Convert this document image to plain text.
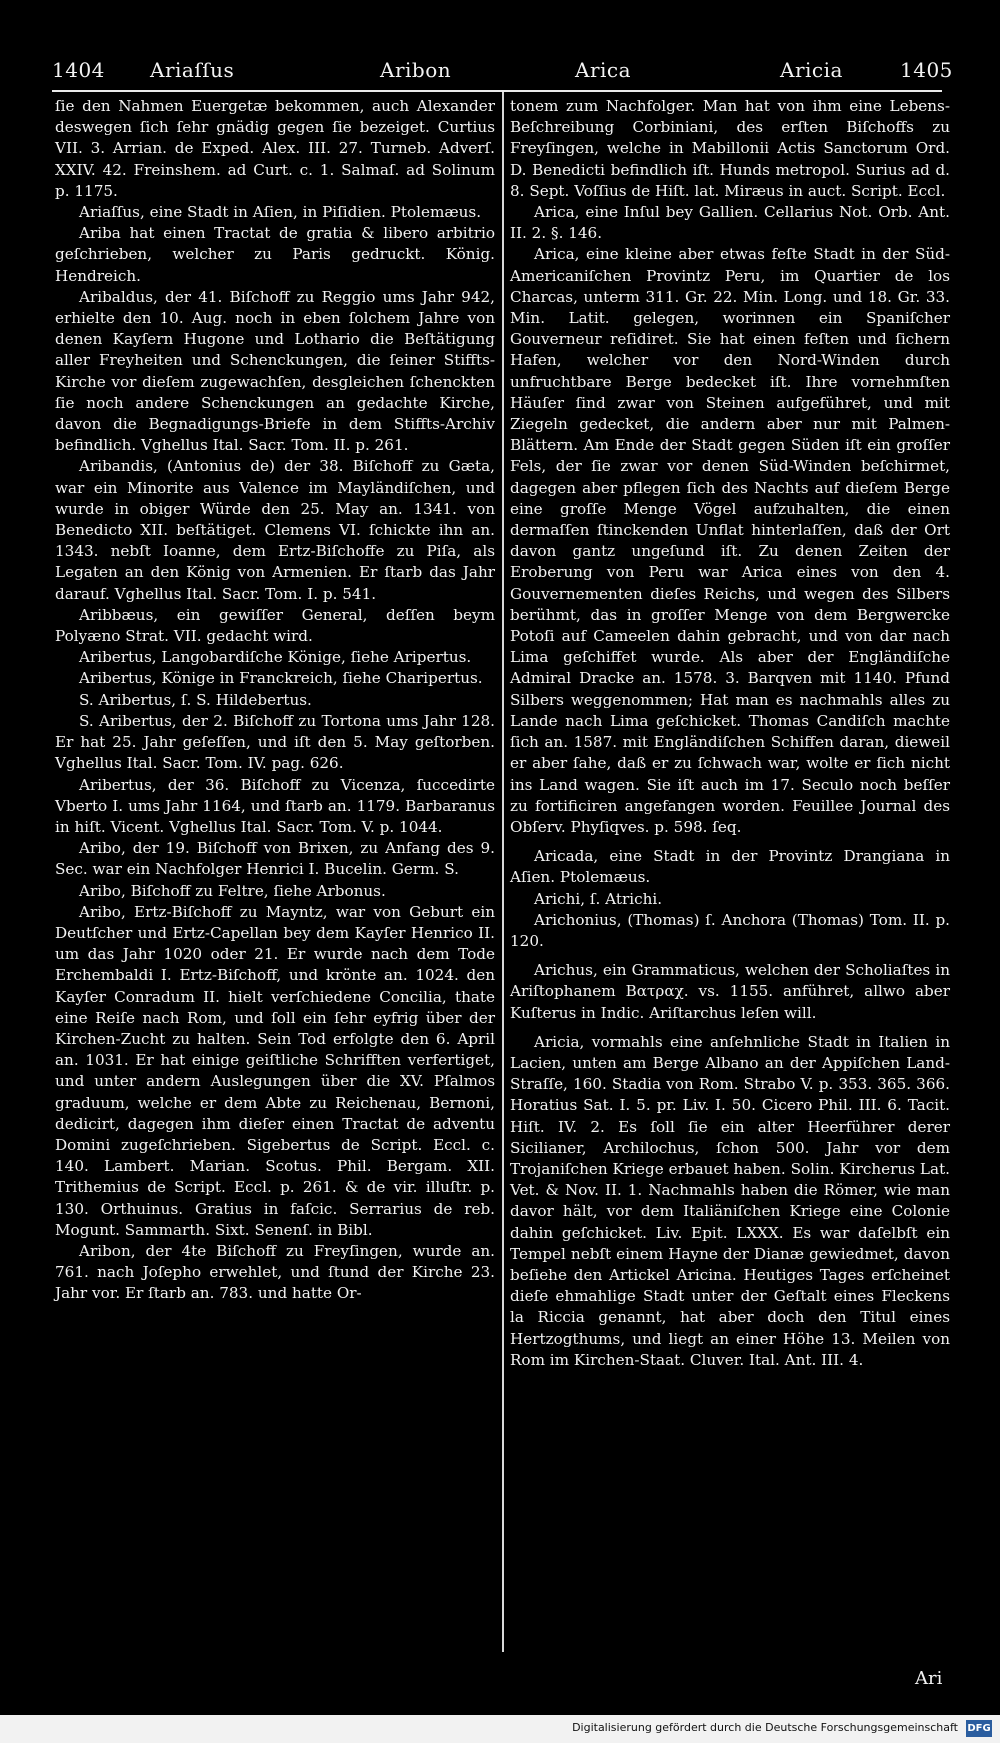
1404 Ariaſſus	Aribon	Arica	Aricia	1405

ſie den Nahmen Euergetæ bekommen, auch Alexander deswegen ſich ſehr gnädig gegen ſie bezeiget. Curtius VII. 3. Arrian. de Exped. Alex. III. 27. Turneb. Adverſ. XXIV. 42. Freinshem. ad Curt. c. 1. Salmaſ. ad Solinum p. 1175.

Ariaſſus, eine Stadt in Aſien, in Piſidien. Ptolemæus.

Ariba hat einen Tractat de gratia & libero arbitrio geſchrieben, welcher zu Paris gedruckt. König. Hendreich.

Aribaldus, der 41. Biſchoff zu Reggio ums Jahr 942, erhielte den 10. Aug. noch in eben ſolchem Jahre von denen Kayſern Hugone und Lothario die Beſtätigung aller Freyheiten und Schenckungen, die ſeiner Stiffts-Kirche vor dieſem zugewachſen, desgleichen ſchenckten ſie noch andere Schenckungen an gedachte Kirche, davon die Begnadigungs-Briefe in dem Stiffts-Archiv befindlich. Vghellus Ital. Sacr. Tom. II. p. 261.

Aribandis, (Antonius de) der 38. Biſchoff zu Gæta, war ein Minorite aus Valence im Mayländiſchen, und wurde in obiger Würde den 25. May an. 1341. von Benedicto XII. beſtätiget. Clemens VI. ſchickte ihn an. 1343. nebſt Ioanne, dem Ertz-Biſchoffe zu Piſa, als Legaten an den König von Armenien. Er ſtarb das Jahr darauf. Vghellus Ital. Sacr. Tom. I. p. 541.

Aribbæus, ein gewiſſer General, deſſen beym Polyæno Strat. VII. gedacht wird.

Aribertus, Langobardiſche Könige, ſiehe Aripertus.

Aribertus, Könige in Franckreich, ſiehe Charipertus.

S. Aribertus, ſ. S. Hildebertus.

S. Aribertus, der 2. Biſchoff zu Tortona ums Jahr 128. Er hat 25. Jahr geſeſſen, und iſt den 5. May geſtorben. Vghellus Ital. Sacr. Tom. IV. pag. 626.

Aribertus, der 36. Biſchoff zu Vicenza, ſuccedirte Vberto I. ums Jahr 1164, und ſtarb an. 1179. Barbaranus in hiſt. Vicent. Vghellus Ital. Sacr. Tom. V. p. 1044.

Aribo, der 19. Biſchoff von Brixen, zu Anfang des 9. Sec. war ein Nachfolger Henrici I. Bucelin. Germ. S.

Aribo, Biſchoff zu Feltre, ſiehe Arbonus.

Aribo, Ertz-Biſchoff zu Mayntz, war von Geburt ein Deutſcher und Ertz-Capellan bey dem Kayſer Henrico II. um das Jahr 1020 oder 21. Er wurde nach dem Tode Erchembaldi I. Ertz-Biſchoff, und krönte an. 1024. den Kayſer Conradum II. hielt verſchiedene Concilia, thate eine Reiſe nach Rom, und ſoll ein ſehr eyfrig über der Kirchen-Zucht zu halten. Sein Tod erfolgte den 6. April an. 1031. Er hat einige geiſtliche Schrifften verfertiget, und unter andern Auslegungen über die XV. Pſalmos graduum, welche er dem Abte zu Reichenau, Bernoni, dedicirt, dagegen ihm dieſer einen Tractat de adventu Domini zugeſchrieben. Sigebertus de Script. Eccl. c. 140. Lambert. Marian. Scotus. Phil. Bergam. XII. Trithemius de Script. Eccl. p. 261. & de vir. illuſtr. p. 130. Orthuinus. Gratius in faſcic. Serrarius de reb. Mogunt. Sammarth. Sixt. Senenſ. in Bibl.

Aribon, der 4te Biſchoff zu Freyſingen, wurde an. 761. nach Joſepho erwehlet, und ſtund der Kirche 23. Jahr vor. Er ſtarb an. 783. und hatte Or-

tonem zum Nachfolger. Man hat von ihm eine Lebens-Beſchreibung Corbiniani, des erſten Biſchoffs zu Freyſingen, welche in Mabillonii Actis Sanctorum Ord. D. Benedicti befindlich iſt. Hunds metropol. Surius ad d. 8. Sept. Voſſius de Hiſt. lat. Miræus in auct. Script. Eccl.

Arica, eine Inſul bey Gallien. Cellarius Not. Orb. Ant. II. 2. §. 146.

Arica, eine kleine aber etwas feſte Stadt in der Süd-Americaniſchen Provintz Peru, im Quartier de los Charcas, unterm 311. Gr. 22. Min. Long. und 18. Gr. 33. Min. Latit. gelegen, worinnen ein Spaniſcher Gouverneur reſidiret. Sie hat einen feſten und ſichern Hafen, welcher vor den Nord-Winden durch unfruchtbare Berge bedecket iſt. Ihre vornehmſten Häuſer ſind zwar von Steinen aufgeführet, und mit Ziegeln gedecket, die andern aber nur mit Palmen-Blättern. Am Ende der Stadt gegen Süden iſt ein groſſer Fels, der ſie zwar vor denen Süd-Winden beſchirmet, dagegen aber pflegen ſich des Nachts auf dieſem Berge eine groſſe Menge Vögel aufzuhalten, die einen dermaſſen ſtinckenden Unflat hinterlaſſen, daß der Ort davon gantz ungeſund iſt. Zu denen Zeiten der Eroberung von Peru war Arica eines von den 4. Gouvernementen dieſes Reichs, und wegen des Silbers berühmt, das in groſſer Menge von dem Bergwercke Potoſi auf Cameelen dahin gebracht, und von dar nach Lima geſchiffet wurde. Als aber der Engländiſche Admiral Dracke an. 1578. 3. Barqven mit 1140. Pfund Silbers weggenommen; Hat man es nachmahls alles zu Lande nach Lima geſchicket. Thomas Candiſch machte ſich an. 1587. mit Engländiſchen Schiffen daran, dieweil er aber ſahe, daß er zu ſchwach war, wolte er ſich nicht ins Land wagen. Sie iſt auch im 17. Seculo noch beſſer zu fortificiren angefangen worden. Feuillee Journal des Obſerv. Phyſiqves. p. 598. ſeq.

Aricada, eine Stadt in der Provintz Drangiana in Aſien. Ptolemæus.

Arichi, ſ. Atrichi.

Arichonius, (Thomas) ſ. Anchora (Thomas) Tom. II. p. 120.

Arichus, ein Grammaticus, welchen der Scholiaſtes in Ariſtophanem Βατραχ. vs. 1155. anführet, allwo aber Kuſterus in Indic. Ariſtarchus leſen will.

Aricia, vormahls eine anſehnliche Stadt in Italien in Lacien, unten am Berge Albano an der Appiſchen Land-Straſſe, 160. Stadia von Rom. Strabo V. p. 353. 365. 366. Horatius Sat. I. 5. pr. Liv. I. 50. Cicero Phil. III. 6. Tacit. Hiſt. IV. 2. Es ſoll ſie ein alter Heerführer derer Sicilianer, Archilochus, ſchon 500. Jahr vor dem Trojaniſchen Kriege erbauet haben. Solin. Kircherus Lat. Vet. & Nov. II. 1. Nachmahls haben die Römer, wie man davor hält, vor dem Italiäniſchen Kriege eine Colonie dahin geſchicket. Liv. Epit. LXXX. Es war daſelbſt ein Tempel nebſt einem Hayne der Dianæ gewiedmet, davon beſiehe den Artickel Aricina. Heutiges Tages erſcheinet dieſe ehmahlige Stadt unter der Geſtalt eines Fleckens la Riccia genannt, hat aber doch den Titul eines Hertzogthums, und liegt an einer Höhe 13. Meilen von Rom im Kirchen-Staat. Cluver. Ital. Ant. III. 4.

Ari
Digitalisierung gefördert durch die Deutsche Forschungsgemeinschaft DFG
